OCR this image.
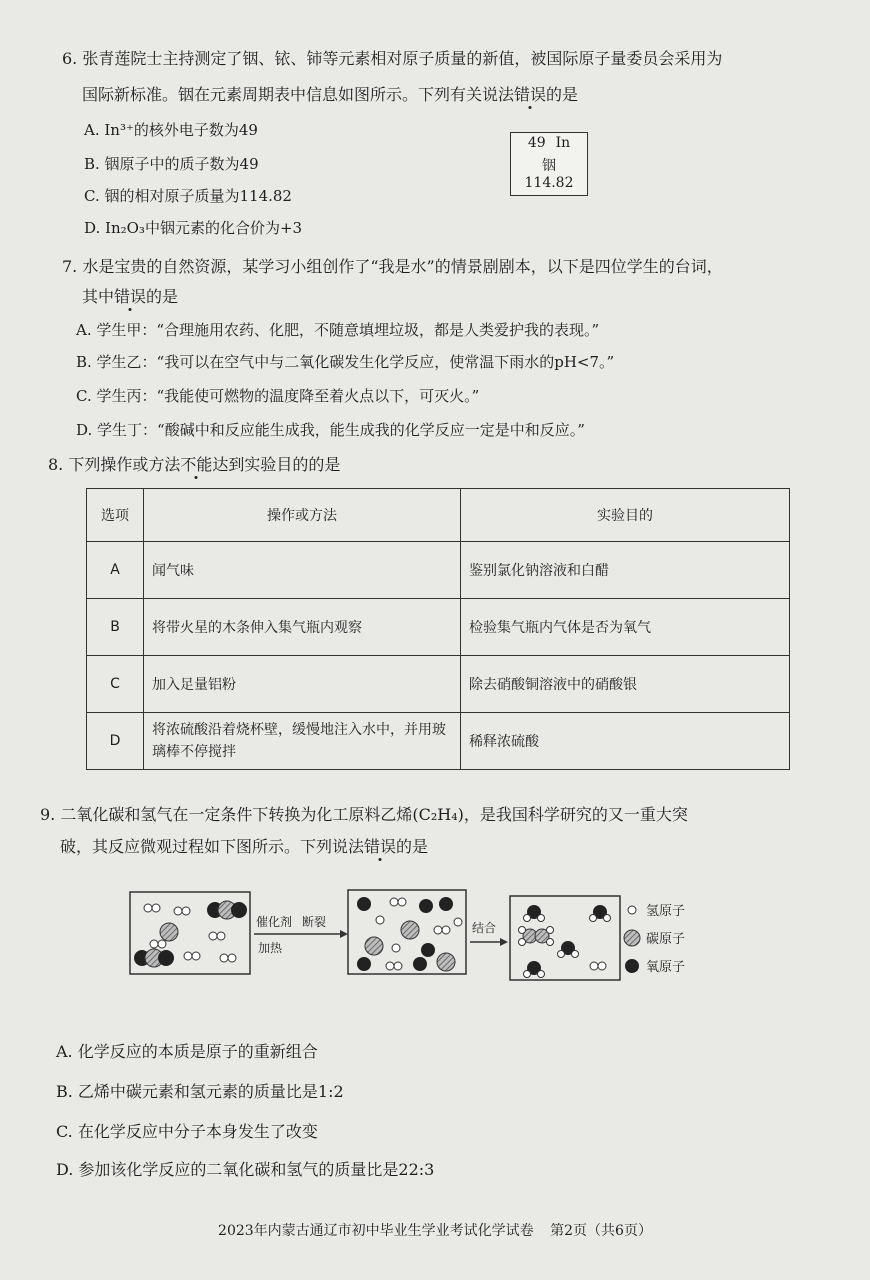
6. 张青莲院士主持测定了铟、铱、铈等元素相对原子质量的新值，被国际原子量委员会采用为
国际新标准。铟在元素周期表中信息如图所示。下列有关说法错误的是
A. In³⁺的核外电子数为49
B. 铟原子中的质子数为49
C. 铟的相对原子质量为114.82
D. In₂O₃中铟元素的化合价为+3
49 In
铟
114.82
7. 水是宝贵的自然资源，某学习小组创作了“我是水”的情景剧剧本，以下是四位学生的台词，
其中错误的是
A. 学生甲：“合理施用农药、化肥，不随意填埋垃圾，都是人类爱护我的表现。”
B. 学生乙：“我可以在空气中与二氧化碳发生化学反应，使常温下雨水的pH<7。”
C. 学生丙：“我能使可燃物的温度降至着火点以下，可灭火。”
D. 学生丁：“酸碱中和反应能生成我，能生成我的化学反应一定是中和反应。”
8. 下列操作或方法不能达到实验目的的是
选项	操作或方法	实验目的
A	闻气味	鉴别氯化钠溶液和白醋
B	将带火星的木条伸入集气瓶内观察	检验集气瓶内气体是否为氧气
C	加入足量铝粉	除去硝酸铜溶液中的硝酸银
D	将浓硫酸沿着烧杯壁，缓慢地注入水中，并用玻璃棒不停搅拌	稀释浓硫酸
9. 二氧化碳和氢气在一定条件下转换为化工原料乙烯(C₂H₄)，是我国科学研究的又一重大突
破，其反应微观过程如下图所示。下列说法错误的是
催化剂 断裂
加热
结合
氢原子
碳原子
氧原子
A. 化学反应的本质是原子的重新组合
B. 乙烯中碳元素和氢元素的质量比是1:2
C. 在化学反应中分子本身发生了改变
D. 参加该化学反应的二氧化碳和氢气的质量比是22:3
2023年内蒙古通辽市初中毕业生学业考试化学试卷 第2页（共6页）
